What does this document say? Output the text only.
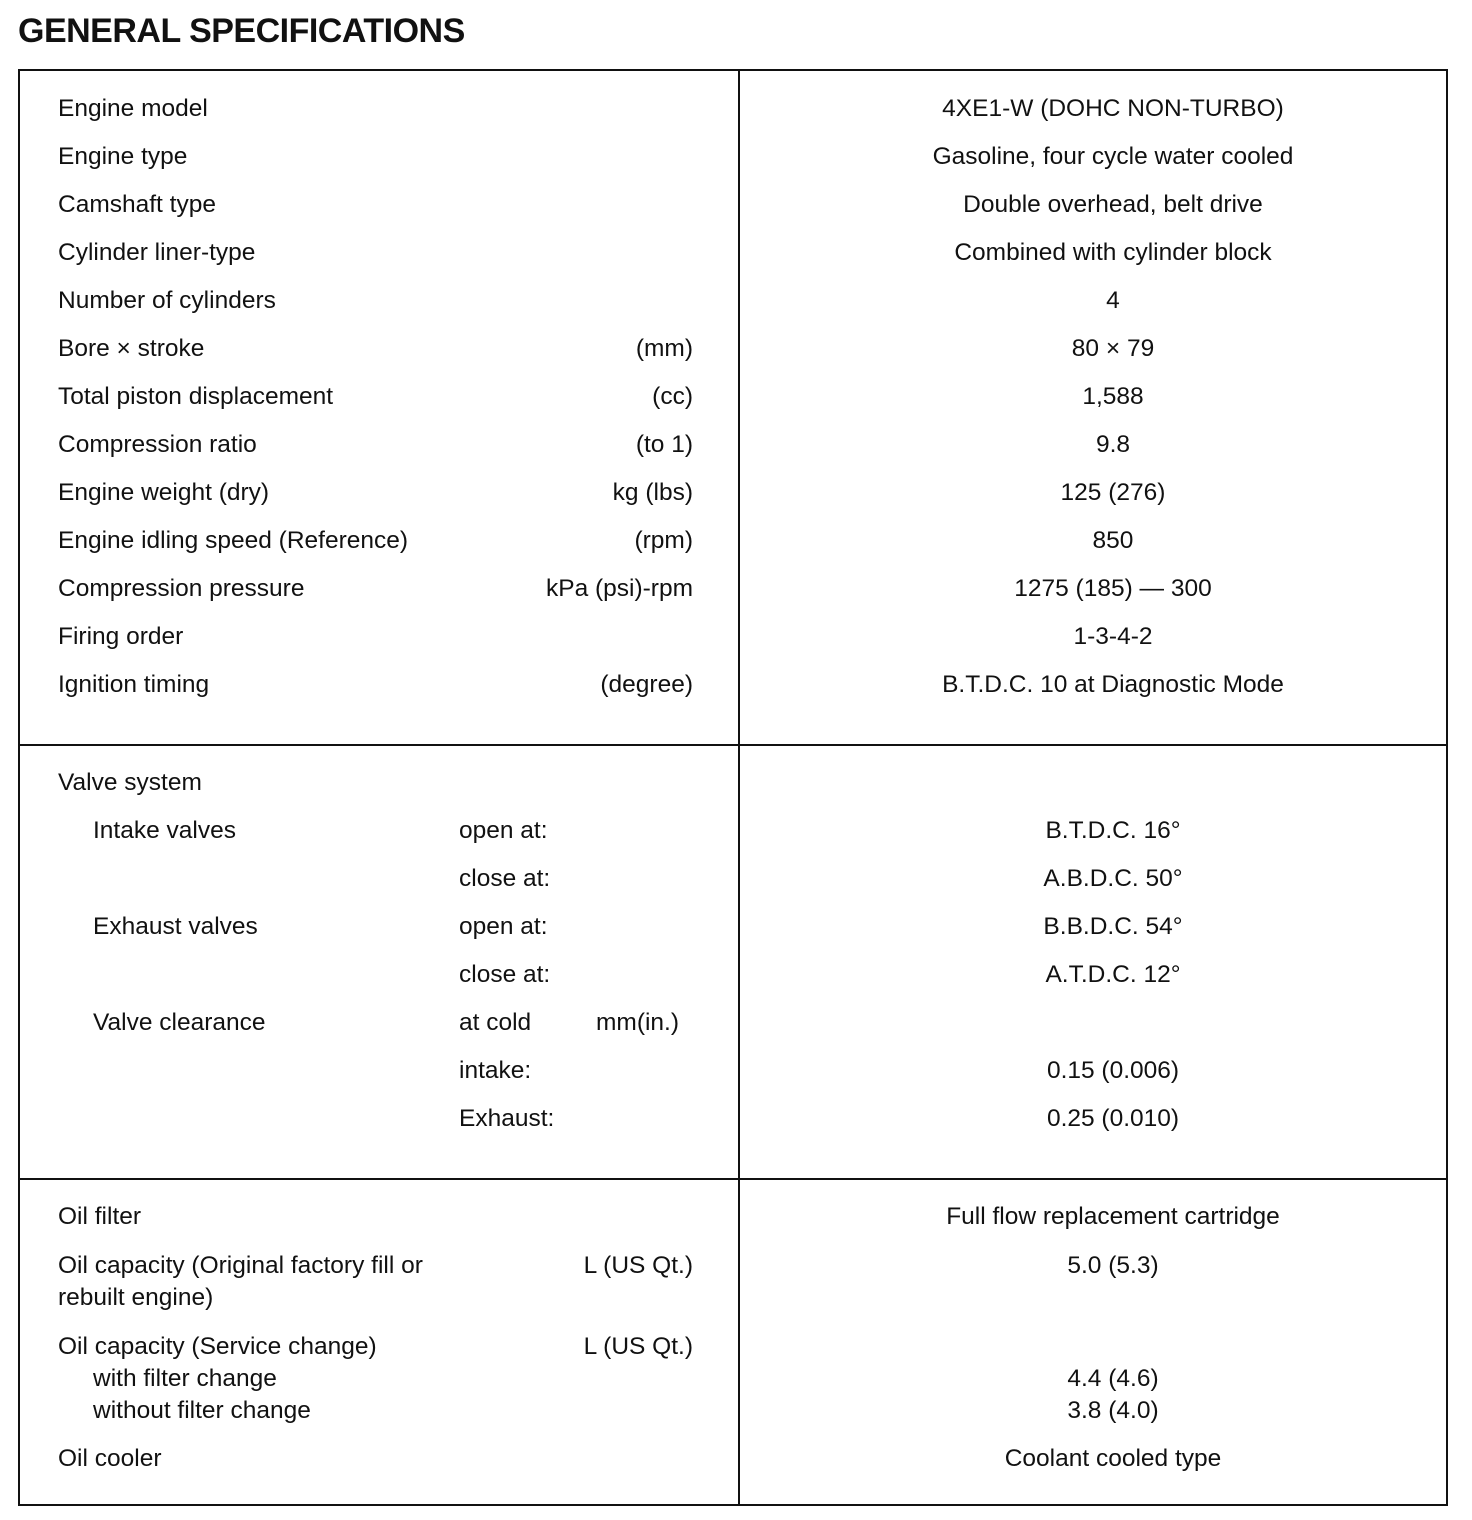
GENERAL SPECIFICATIONS
Engine model	4XE1-W (DOHC NON-TURBO)
Engine type	Gasoline, four cycle water cooled
Camshaft type	Double overhead, belt drive
Cylinder liner-type	Combined with cylinder block
Number of cylinders	4
Bore × stroke	(mm)	80 × 79
Total piston displacement	(cc)	1,588
Compression ratio	(to 1)	9.8
Engine weight (dry)	kg (lbs)	125 (276)
Engine idling speed (Reference)	(rpm)	850
Compression pressure	kPa (psi)-rpm	1275 (185) — 300
Firing order	1-3-4-2
Ignition timing	(degree)	B.T.D.C. 10 at Diagnostic Mode
Valve system
Intake valves	open at:	B.T.D.C. 16°
close at:	A.B.D.C. 50°
Exhaust valves	open at:	B.B.D.C. 54°
close at:	A.T.D.C. 12°
Valve clearance	at cold	mm(in.)
intake:	0.15 (0.006)
Exhaust:	0.25 (0.010)
Oil filter	Full flow replacement cartridge
Oil capacity (Original factory fill or	L (US Qt.)	5.0 (5.3)
rebuilt engine)
Oil capacity (Service change)	L (US Qt.)
with filter change	4.4 (4.6)
without filter change	3.8 (4.0)
Oil cooler	Coolant cooled type
